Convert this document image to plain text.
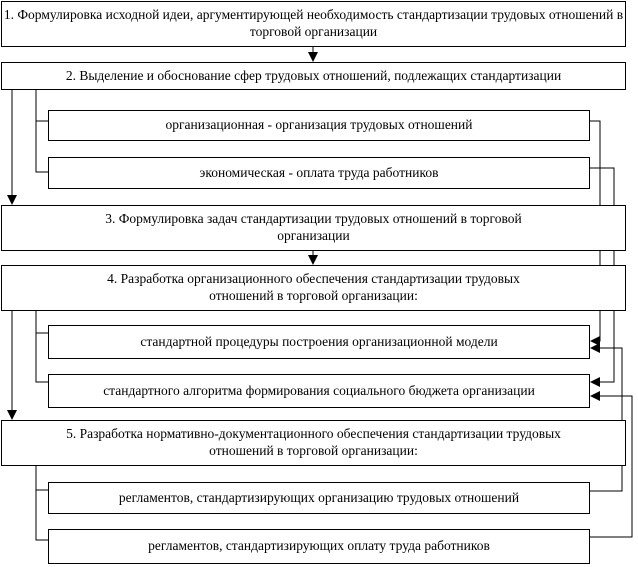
1. Формулировка исходной идеи, аргументирующей необходимость стандартизации трудовых отношений в торговой организации
2. Выделение и обоснование сфер трудовых отношений, подлежащих стандартизации
организационная - организация трудовых отношений
экономическая - оплата труда работников
3. Формулировка задач стандартизации трудовых отношений в торговой организации
4. Разработка организационного обеспечения стандартизации трудовых отношений в торговой организации:
стандартной процедуры построения организационной модели
стандартного алгоритма формирования социального бюджета организации
5. Разработка нормативно-документационного обеспечения стандартизации трудовых отношений в торговой организации:
регламентов, стандартизирующих организацию трудовых отношений
регламентов, стандартизирующих оплату труда работников
